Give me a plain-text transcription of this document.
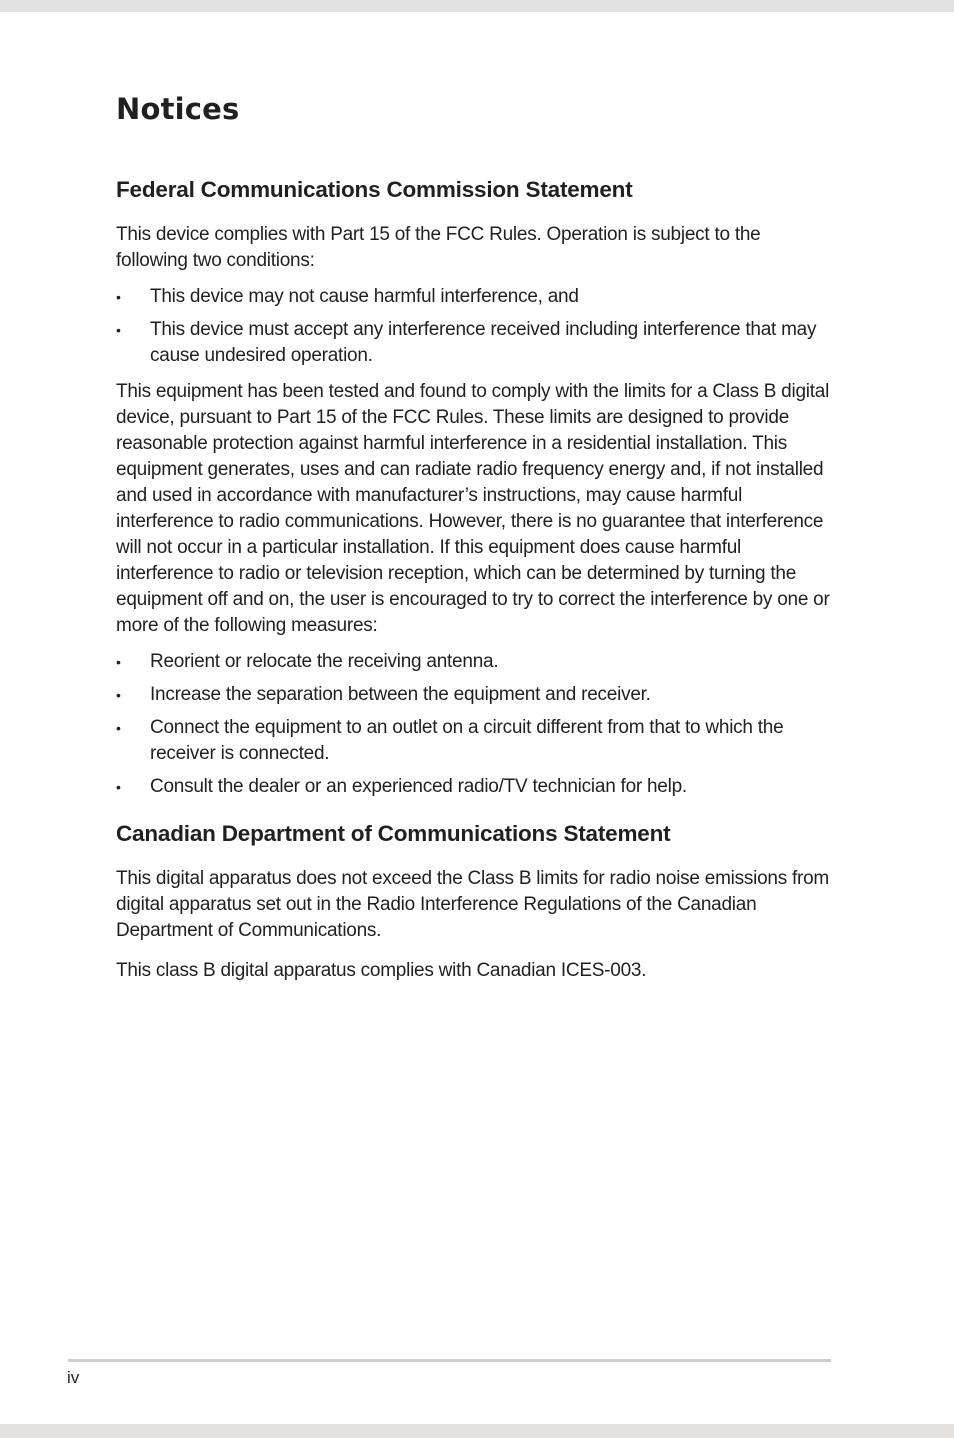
Notices
Federal Communications Commission Statement

This device complies with Part 15 of the FCC Rules. Operation is subject to the following two conditions:

• This device may not cause harmful interference, and
• This device must accept any interference received including interference that may cause undesired operation.

This equipment has been tested and found to comply with the limits for a Class B digital device, pursuant to Part 15 of the FCC Rules. These limits are designed to provide reasonable protection against harmful interference in a residential installation. This equipment generates, uses and can radiate radio frequency energy and, if not installed and used in accordance with manufacturer’s instructions, may cause harmful interference to radio communications. However, there is no guarantee that interference will not occur in a particular installation. If this equipment does cause harmful interference to radio or television reception, which can be determined by turning the equipment off and on, the user is encouraged to try to correct the interference by one or more of the following measures:

• Reorient or relocate the receiving antenna.
• Increase the separation between the equipment and receiver.
• Connect the equipment to an outlet on a circuit different from that to which the receiver is connected.
• Consult the dealer or an experienced radio/TV technician for help.
Canadian Department of Communications Statement

This digital apparatus does not exceed the Class B limits for radio noise emissions from digital apparatus set out in the Radio Interference Regulations of the Canadian Department of Communications.

This class B digital apparatus complies with Canadian ICES-003.

iv
